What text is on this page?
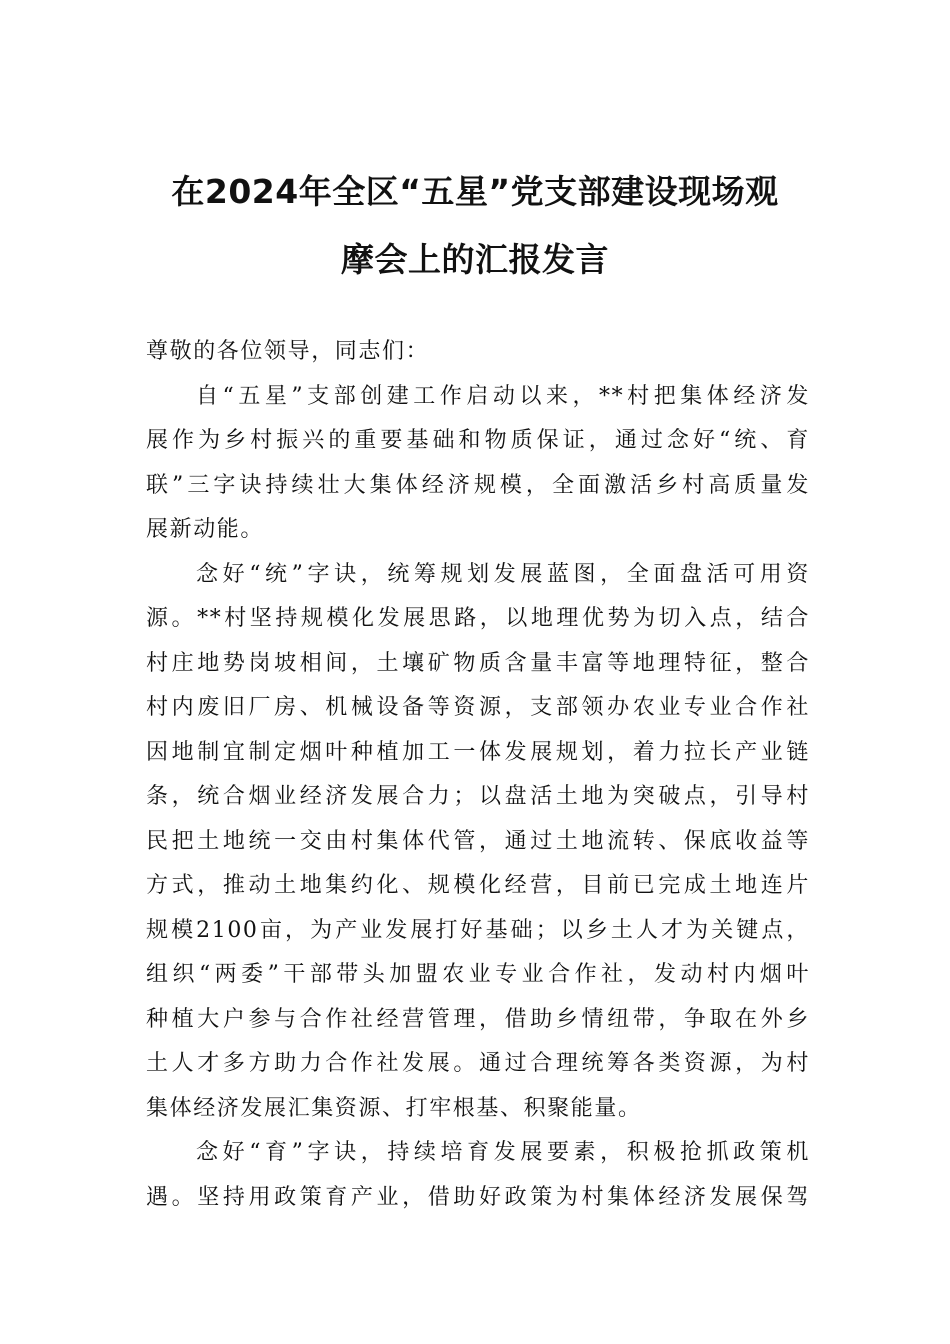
在2024年全区“五星”党支部建设现场观
摩会上的汇报发言

尊敬的各位领导，同志们：

自“五星”支部创建工作启动以来，**村把集体经济发
展作为乡村振兴的重要基础和物质保证，通过念好“统、育
联”三字诀持续壮大集体经济规模，全面激活乡村高质量发
展新动能。

念好“统”字诀，统筹规划发展蓝图，全面盘活可用资
源。**村坚持规模化发展思路，以地理优势为切入点，结合
村庄地势岗坡相间，土壤矿物质含量丰富等地理特征，整合
村内废旧厂房、机械设备等资源，支部领办农业专业合作社
因地制宜制定烟叶种植加工一体发展规划，着力拉长产业链
条，统合烟业经济发展合力；以盘活土地为突破点，引导村
民把土地统一交由村集体代管，通过土地流转、保底收益等
方式，推动土地集约化、规模化经营，目前已完成土地连片
规模2100亩，为产业发展打好基础；以乡土人才为关键点，
组织“两委”干部带头加盟农业专业合作社，发动村内烟叶
种植大户参与合作社经营管理，借助乡情纽带，争取在外乡
土人才多方助力合作社发展。通过合理统筹各类资源，为村
集体经济发展汇集资源、打牢根基、积聚能量。

念好“育”字诀，持续培育发展要素，积极抢抓政策机
遇。坚持用政策育产业，借助好政策为村集体经济发展保驾
